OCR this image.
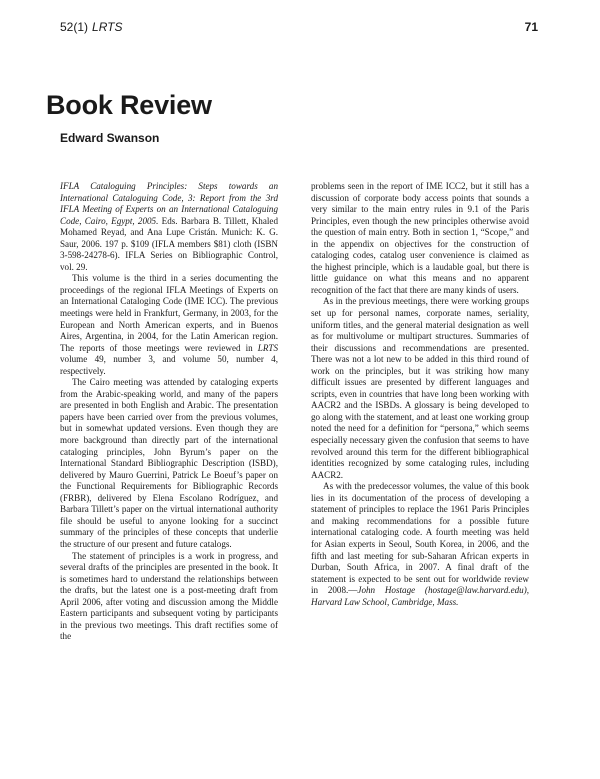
52(1) LRTS	71
Book Review
Edward Swanson

IFLA Cataloguing Principles: Steps towards an International Cataloguing Code, 3: Report from the 3rd IFLA Meeting of Experts on an International Cataloguing Code, Cairo, Egypt, 2005. Eds. Barbara B. Tillett, Khaled Mohamed Reyad, and Ana Lupe Cristán. Munich: K. G. Saur, 2006. 197 p. $109 (IFLA members $81) cloth (ISBN 3-598-24278-6). IFLA Series on Bibliographic Control, vol. 29.

This volume is the third in a series documenting the proceedings of the regional IFLA Meetings of Experts on an International Cataloging Code (IME ICC). The previous meetings were held in Frankfurt, Germany, in 2003, for the European and North American experts, and in Buenos Aires, Argentina, in 2004, for the Latin American region. The reports of those meetings were reviewed in LRTS volume 49, number 3, and volume 50, number 4, respectively.

The Cairo meeting was attended by cataloging experts from the Arabic-speaking world, and many of the papers are presented in both English and Arabic. The presentation papers have been carried over from the previous volumes, but in somewhat updated versions. Even though they are more background than directly part of the international cataloging principles, John Byrum’s paper on the International Standard Bibliographic Description (ISBD), delivered by Mauro Guerrini, Patrick Le Boeuf’s paper on the Functional Requirements for Bibliographic Records (FRBR), delivered by Elena Escolano Rodríguez, and Barbara Tillett’s paper on the virtual international authority file should be useful to anyone looking for a succinct summary of the principles of these concepts that underlie the structure of our present and future catalogs.

The statement of principles is a work in progress, and several drafts of the principles are presented in the book. It is sometimes hard to understand the relationships between the drafts, but the latest one is a post-meeting draft from April 2006, after voting and discussion among the Middle Eastern participants and subsequent voting by participants in the previous two meetings. This draft rectifies some of the

problems seen in the report of IME ICC2, but it still has a discussion of corporate body access points that sounds a very similar to the main entry rules in 9.1 of the Paris Principles, even though the new principles otherwise avoid the question of main entry. Both in section 1, “Scope,” and in the appendix on objectives for the construction of cataloging codes, catalog user convenience is claimed as the highest principle, which is a laudable goal, but there is little guidance on what this means and no apparent recognition of the fact that there are many kinds of users.

As in the previous meetings, there were working groups set up for personal names, corporate names, seriality, uniform titles, and the general material designation as well as for multivolume or multipart structures. Summaries of their discussions and recommendations are presented. There was not a lot new to be added in this third round of work on the principles, but it was striking how many difficult issues are presented by different languages and scripts, even in countries that have long been working with AACR2 and the ISBDs. A glossary is being developed to go along with the statement, and at least one working group noted the need for a definition for “persona,” which seems especially necessary given the confusion that seems to have revolved around this term for the different bibliographical identities recognized by some cataloging rules, including AACR2.

As with the predecessor volumes, the value of this book lies in its documentation of the process of developing a statement of principles to replace the 1961 Paris Principles and making recommendations for a possible future international cataloging code. A fourth meeting was held for Asian experts in Seoul, South Korea, in 2006, and the fifth and last meeting for sub-Saharan African experts in Durban, South Africa, in 2007. A final draft of the statement is expected to be sent out for worldwide review in 2008.—John Hostage (hostage@law.harvard.edu), Harvard Law School, Cambridge, Mass.
